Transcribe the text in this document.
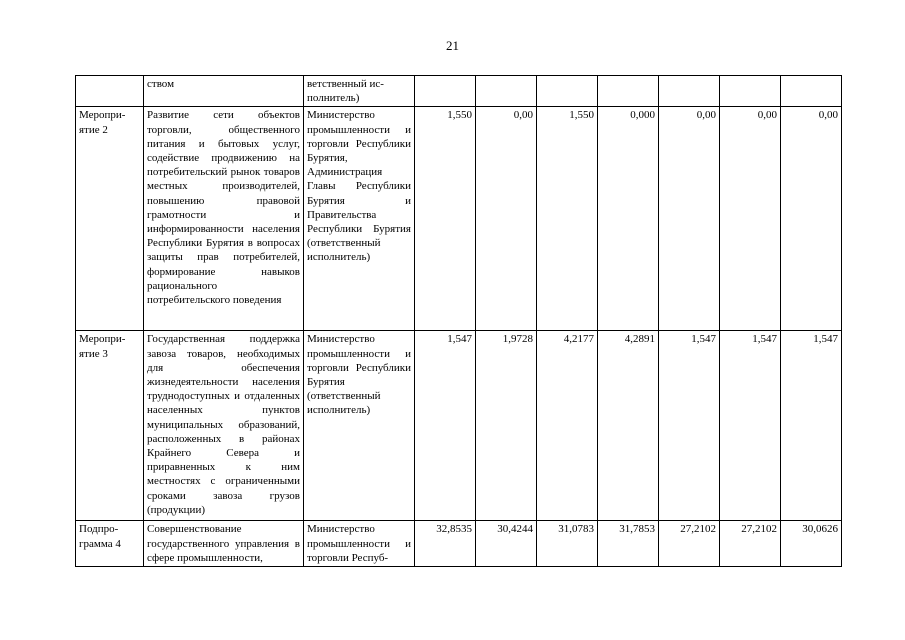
21
	ством	ветственный ис-
полнитель)							
Меропри-
ятие 2	Развитие сети объектов торговли, общественного питания и бытовых услуг, содействие продвижению на потребительский рынок товаров местных производителей, повышению правовой грамотности и информированности населения Республики Бурятия в вопросах защиты прав потребителей, формирование навыков рационального потребительского поведения	Министерство промышленности и торговли Республики Бурятия, Администрация Главы Республики Бурятия и Правительства Республики Бурятия (ответственный исполнитель)	1,550	0,00	1,550	0,000	0,00	0,00	0,00
Меропри-
ятие 3	Государственная поддержка завоза товаров, необходимых для обеспечения жизнедеятельности населения труднодоступных и отдаленных населенных пунктов муниципальных образований, расположенных в районах Крайнего Севера и приравненных к ним местностях с ограниченными сроками завоза грузов (продукции)	Министерство промышленности и торговли Республики Бурятия (ответственный исполнитель)	1,547	1,9728	4,2177	4,2891	1,547	1,547	1,547
Подпро-
грамма 4	Совершенствование государственного управления в сфере промышленности,	Министерство промышленности и торговли Респуб-	32,8535	30,4244	31,0783	31,7853	27,2102	27,2102	30,0626
